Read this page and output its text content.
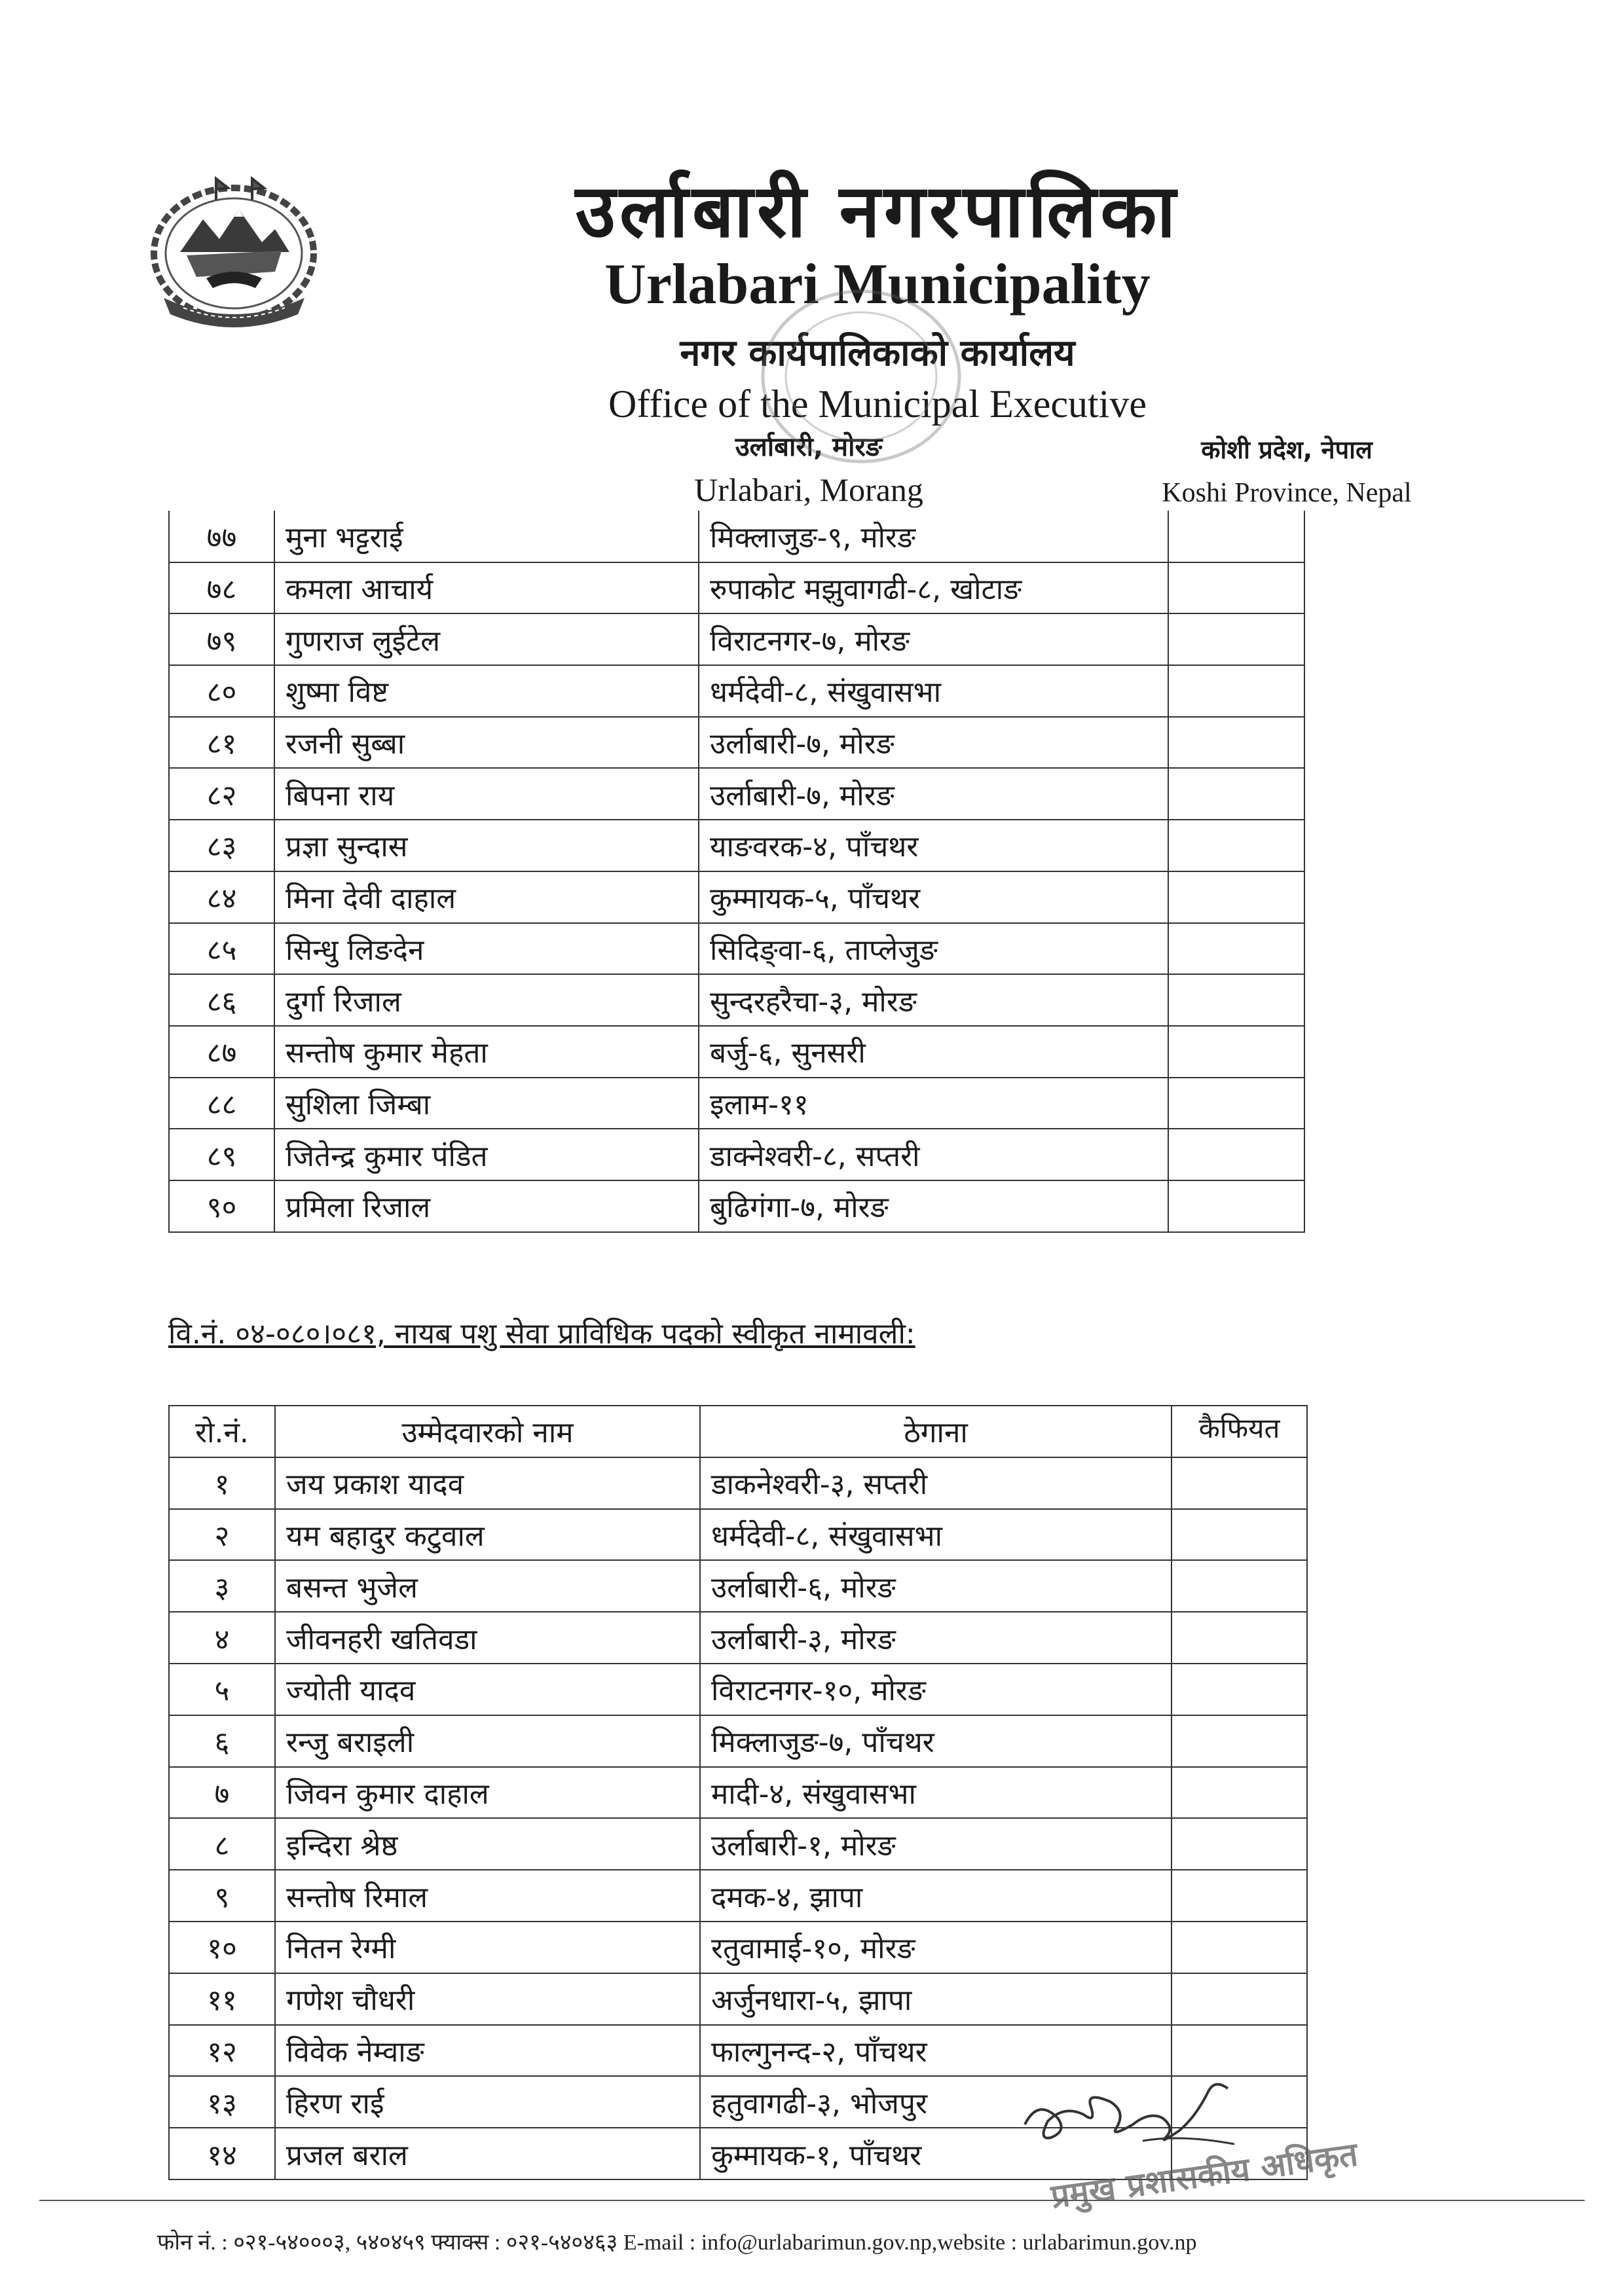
उर्लाबारी नगरपालिका
Urlabari Municipality
नगर कार्यपालिकाको कार्यालय
Office of the Municipal Executive
उर्लाबारी, मोरङ
Urlabari, Morang
कोशी प्रदेश, नेपाल
Koshi Province, Nepal
७७	मुना भट्टराई	मिक्लाजुङ-९, मोरङ	
७८	कमला आचार्य	रुपाकोट मझुवागढी-८, खोटाङ	
७९	गुणराज लुईटेल	विराटनगर-७, मोरङ	
८०	शुष्मा विष्ट	धर्मदेवी-८, संखुवासभा	
८१	रजनी सुब्बा	उर्लाबारी-७, मोरङ	
८२	बिपना राय	उर्लाबारी-७, मोरङ	
८३	प्रज्ञा सुन्दास	याङवरक-४, पाँचथर	
८४	मिना देवी दाहाल	कुम्मायक-५, पाँचथर	
८५	सिन्धु लिङदेन	सिदिङ्वा-६, ताप्लेजुङ	
८६	दुर्गा रिजाल	सुन्दरहरैचा-३, मोरङ	
८७	सन्तोष कुमार मेहता	बर्जु-६, सुनसरी	
८८	सुशिला जिम्बा	इलाम-११	
८९	जितेन्द्र कुमार पंडित	डाक्नेश्वरी-८, सप्तरी	
९०	प्रमिला रिजाल	बुढिगंगा-७, मोरङ	
वि.नं. ०४-०८०।०८१, नायब पशु सेवा प्राविधिक पदको स्वीकृत नामावली:
रो.नं.	उम्मेदवारको नाम	ठेगाना	कैफियत
१	जय प्रकाश यादव	डाकनेश्वरी-३, सप्तरी	
२	यम बहादुर कटुवाल	धर्मदेवी-८, संखुवासभा	
३	बसन्त भुजेल	उर्लाबारी-६, मोरङ	
४	जीवनहरी खतिवडा	उर्लाबारी-३, मोरङ	
५	ज्योती यादव	विराटनगर-१०, मोरङ	
६	रन्जु बराइली	मिक्लाजुङ-७, पाँचथर	
७	जिवन कुमार दाहाल	मादी-४, संखुवासभा	
८	इन्दिरा श्रेष्ठ	उर्लाबारी-१, मोरङ	
९	सन्तोष रिमाल	दमक-४, झापा	
१०	नितन रेग्मी	रतुवामाई-१०, मोरङ	
११	गणेश चौधरी	अर्जुनधारा-५, झापा	
१२	विवेक नेम्वाङ	फाल्गुनन्द-२, पाँचथर	
१३	हिरण राई	हतुवागढी-३, भोजपुर	
१४	प्रजल बराल	कुम्मायक-१, पाँचथर		प्रमुख प्रशासकीय अधिकृत
फोन नं. : ०२१-५४०००३, ५४०४५९ फ्याक्स : ०२१-५४०४६३ E-mail : info@urlabarimun.gov.np,website : urlabarimun.gov.np
